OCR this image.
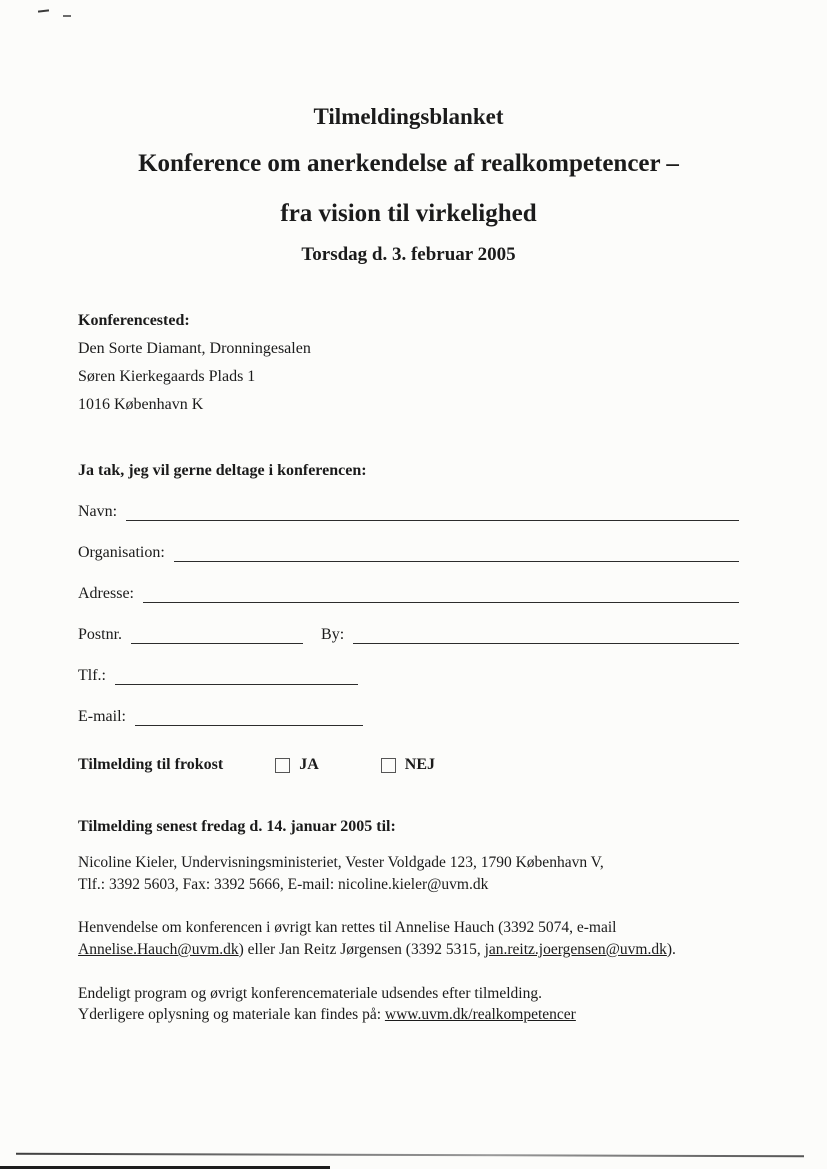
Tilmeldingsblanket

Konference om anerkendelse af realkompetencer –

fra vision til virkelighed

Torsdag d. 3. februar 2005

Konferencested:

Den Sorte Diamant, Dronningesalen

Søren Kierkegaards Plads 1

1016 København K

Ja tak, jeg vil gerne deltage i konferencen:

Navn:
Organisation:
Adresse:
Postnr.	By:
Tlf.:
E-mail:
Tilmelding til frokost	JA	NEJ

Tilmelding senest fredag d. 14. januar 2005 til:

Nicoline Kieler, Undervisningsministeriet, Vester Voldgade 123, 1790 København V,
Tlf.: 3392 5603, Fax: 3392 5666, E-mail: nicoline.kieler@uvm.dk

Henvendelse om konferencen i øvrigt kan rettes til Annelise Hauch (3392 5074, e-mail
Annelise.Hauch@uvm.dk) eller Jan Reitz Jørgensen (3392 5315, jan.reitz.joergensen@uvm.dk).

Endeligt program og øvrigt konferencemateriale udsendes efter tilmelding.
Yderligere oplysning og materiale kan findes på: www.uvm.dk/realkompetencer
